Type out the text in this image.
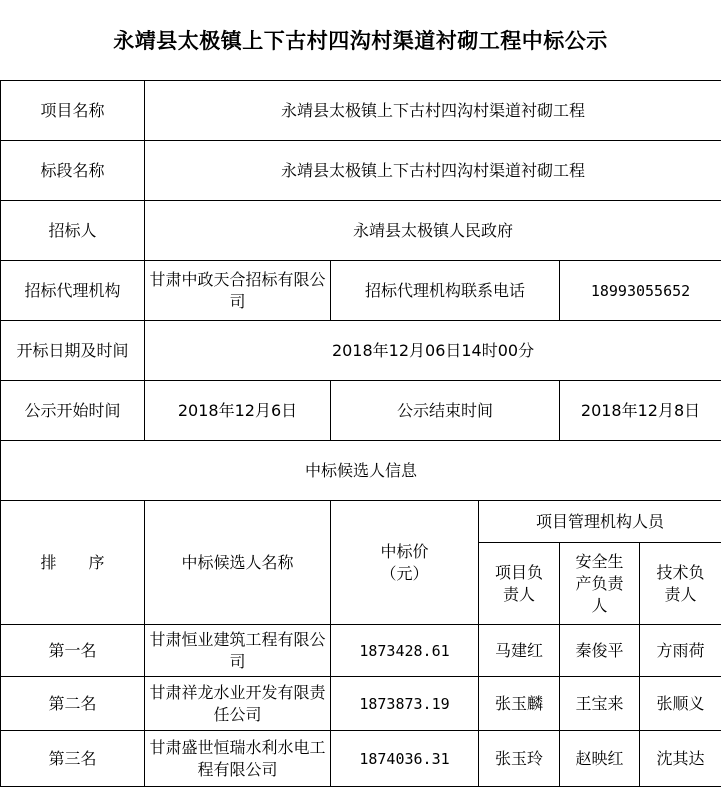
永靖县太极镇上下古村四沟村渠道衬砌工程中标公示
项目名称	永靖县太极镇上下古村四沟村渠道衬砌工程				
标段名称	永靖县太极镇上下古村四沟村渠道衬砌工程				
招标人	永靖县太极镇人民政府				
招标代理机构	甘肃中政天合招标有限公司	招标代理机构联系电话		18993055652	
开标日期及时间	2018年12月06日14时00分				
公示开始时间	2018年12月6日	公示结束时间		2018年12月8日	
中标候选人信息					
排　　序	中标候选人名称	中标价（元）	项目管理机构人员		
			项目负责人	安全生产负责人	技术负责人
第一名	甘肃恒业建筑工程有限公司	1873428.61	马建红	秦俊平	方雨荷
第二名	甘肃祥龙水业开发有限责任公司	1873873.19	张玉麟	王宝来	张顺义
第三名	甘肃盛世恒瑞水利水电工程有限公司	1874036.31	张玉玲	赵映红	沈其达
